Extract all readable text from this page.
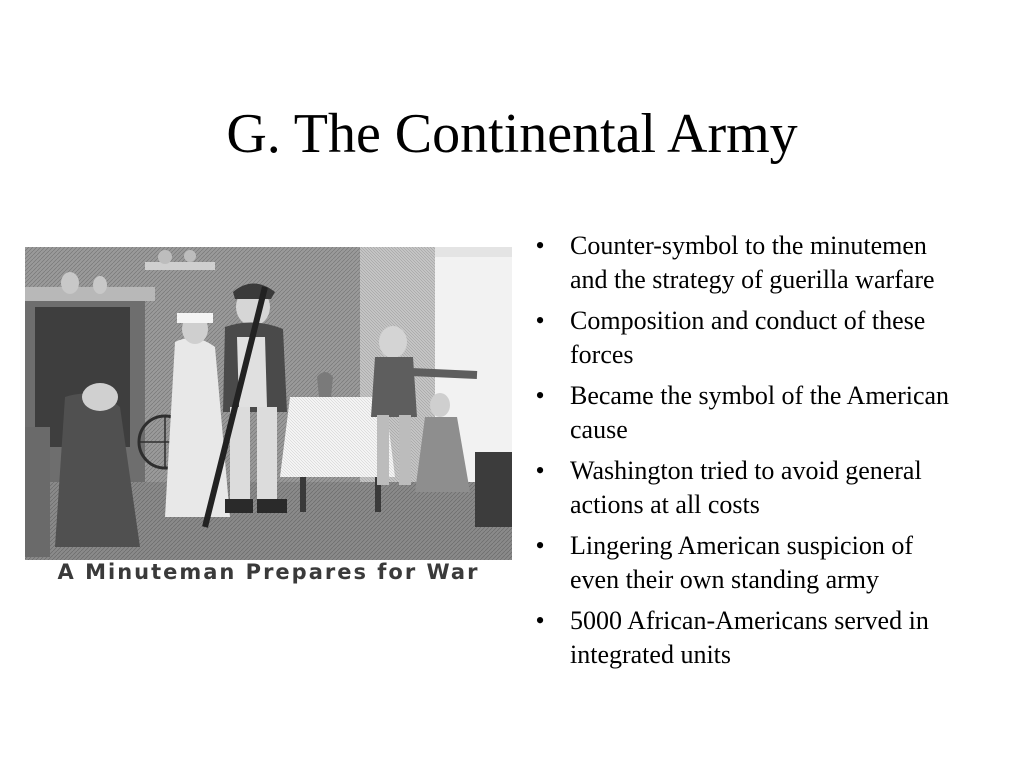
G. The Continental Army
A Minuteman Prepares for War
• Counter-symbol to the minutemen and the strategy of guerilla warfare
• Composition and conduct of these forces
• Became the symbol of the American cause
• Washington tried to avoid general actions at all costs
• Lingering American suspicion of even their own standing army
• 5000 African-Americans served in integrated units
